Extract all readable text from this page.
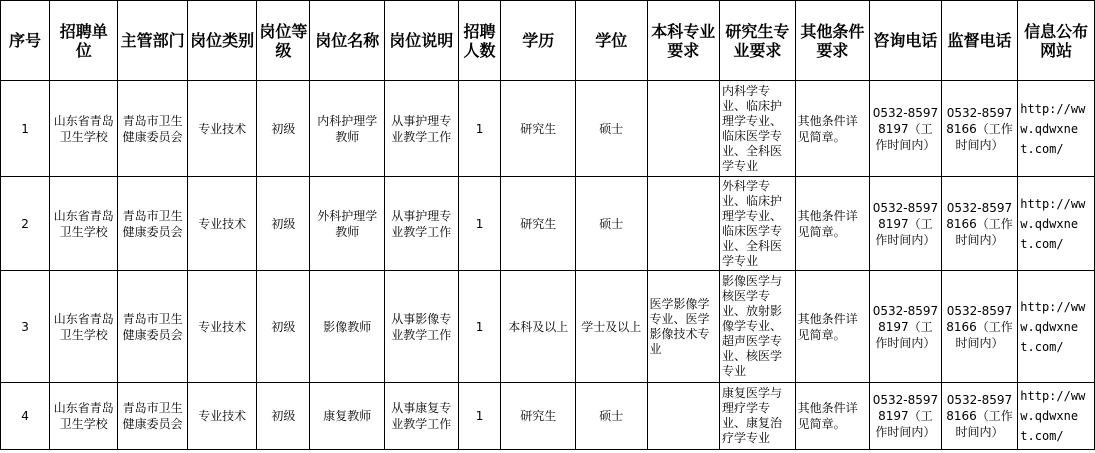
序号	招聘单位	主管部门	岗位类别	岗位等级	岗位名称	岗位说明	招聘人数	学历	学位	本科专业要求	研究生专业要求	其他条件要求	咨询电话	监督电话	信息公布网站
1	山东省青岛卫生学校	青岛市卫生健康委员会	专业技术	初级	内科护理学教师	从事护理专业教学工作	1	研究生	硕士		内科学专业、临床护理学专业、临床医学专业、全科医学专业	其他条件详见简章。	0532-85978197（工作时间内）	0532-85978166（工作时间内）	http://www.qdwxnet.com/
2	山东省青岛卫生学校	青岛市卫生健康委员会	专业技术	初级	外科护理学教师	从事护理专业教学工作	1	研究生	硕士		外科学专业、临床护理学专业、临床医学专业、全科医学专业	其他条件详见简章。	0532-85978197（工作时间内）	0532-85978166（工作时间内）	http://www.qdwxnet.com/
3	山东省青岛卫生学校	青岛市卫生健康委员会	专业技术	初级	影像教师	从事影像专业教学工作	1	本科及以上	学士及以上	医学影像学专业、医学影像技术专业	影像医学与核医学专业、放射影像学专业、超声医学专业、核医学专业	其他条件详见简章。	0532-85978197（工作时间内）	0532-85978166（工作时间内）	http://www.qdwxnet.com/
4	山东省青岛卫生学校	青岛市卫生健康委员会	专业技术	初级	康复教师	从事康复专业教学工作	1	研究生	硕士		康复医学与理疗学专业、康复治疗学专业	其他条件详见简章。	0532-85978197（工作时间内）	0532-85978166（工作时间内）	http://www.qdwxnet.com/
